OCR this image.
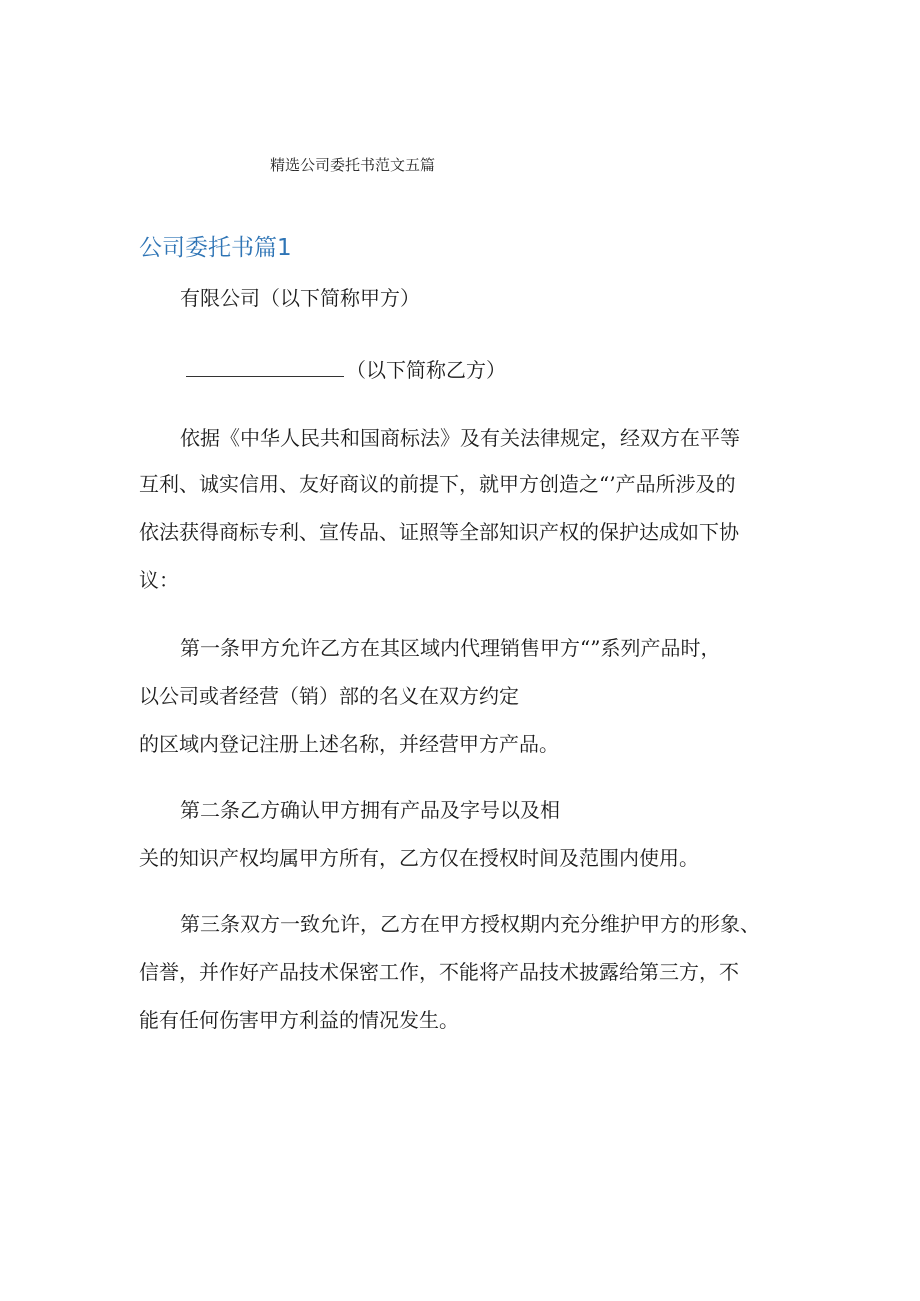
精选公司委托书范文五篇
公司委托书篇1
有限公司（以下简称甲方）
（以下简称乙方）
依据《中华人民共和国商标法》及有关法律规定，经双方在平等
互利、诚实信用、友好商议的前提下，就甲方创造之“’产品所涉及的
依法获得商标专利、宣传品、证照等全部知识产权的保护达成如下协
议：
第一条甲方允许乙方在其区域内代理销售甲方“”系列产品时，
以公司或者经营（销）部的名义在双方约定
的区域内登记注册上述名称，并经营甲方产品。
第二条乙方确认甲方拥有产品及字号以及相
关的知识产权均属甲方所有，乙方仅在授权时间及范围内使用。
第三条双方一致允许，乙方在甲方授权期内充分维护甲方的形象、
信誉，并作好产品技术保密工作，不能将产品技术披露给第三方，不
能有任何伤害甲方利益的情况发生。
